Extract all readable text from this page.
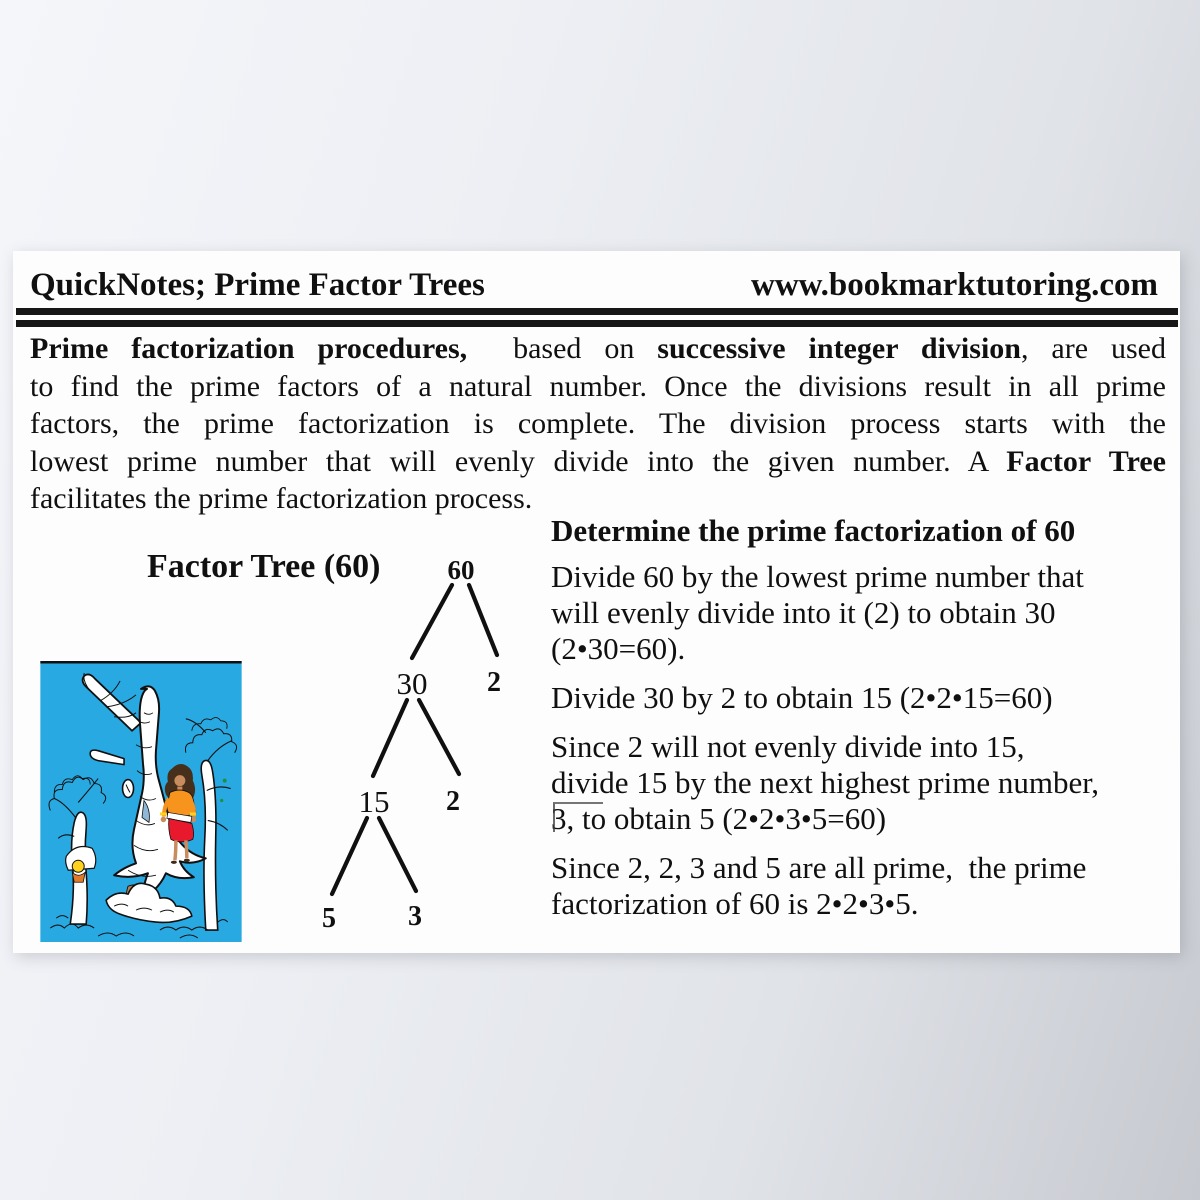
QuickNotes; Prime Factor Trees	www.bookmarktutoring.com
Prime factorization procedures,  based on successive integer division, are used
to find the prime factors of a natural number. Once the divisions result in all prime
factors, the prime factorization is complete. The division process starts with the
lowest prime number that will evenly divide into the given number. A Factor Tree
facilitates the prime factorization process.
Factor Tree (60) 60
30 2
15 2
5	3
Determine the prime factorization of 60
Divide 60 by the lowest prime number that
will evenly divide into it (2) to obtain 30
(2•30=60).
Divide 30 by 2 to obtain 15 (2•2•15=60)
Since 2 will not evenly divide into 15,
divide 15 by the next highest prime number,
3, to obtain 5 (2•2•3•5=60)
Since 2, 2, 3 and 5 are all prime,  the prime
factorization of 60 is 2•2•3•5.
